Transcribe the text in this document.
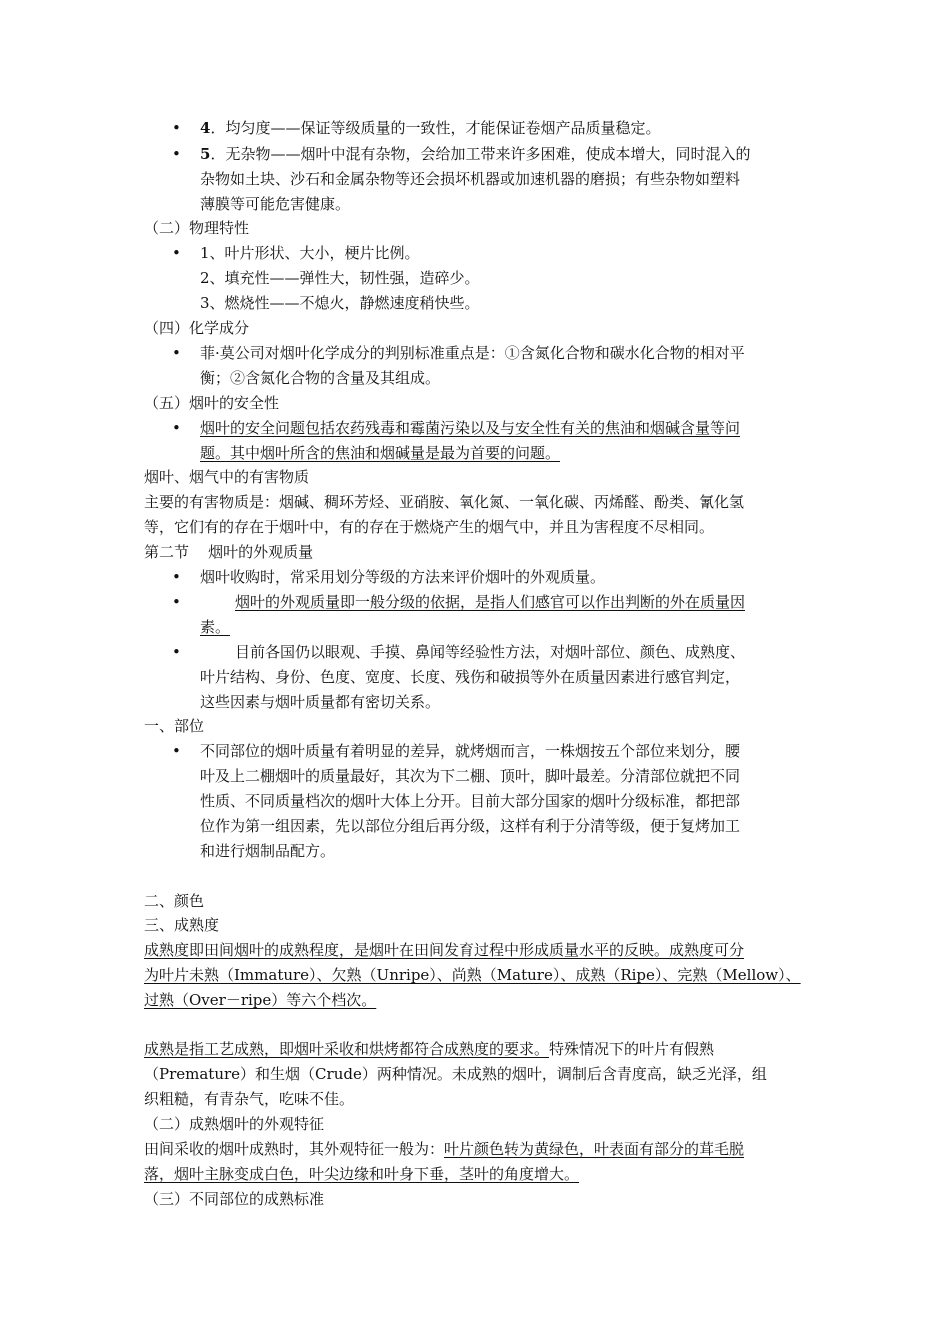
• 4．均匀度——保证等级质量的一致性，才能保证卷烟产品质量稳定。
• 5．无杂物——烟叶中混有杂物，会给加工带来许多困难，使成本增大，同时混入的
杂物如土块、沙石和金属杂物等还会损坏机器或加速机器的磨损；有些杂物如塑料
薄膜等可能危害健康。
（二）物理特性
• 1、叶片形状、大小，梗片比例。
2、填充性——弹性大，韧性强，造碎少。
3、燃烧性——不熄火，静燃速度稍快些。
（四）化学成分
• 菲·莫公司对烟叶化学成分的判别标准重点是：①含氮化合物和碳水化合物的相对平
衡；②含氮化合物的含量及其组成。
（五）烟叶的安全性
• 烟叶的安全问题包括农药残毒和霉菌污染以及与安全性有关的焦油和烟碱含量等问
题。其中烟叶所含的焦油和烟碱量是最为首要的问题。
烟叶、烟气中的有害物质
主要的有害物质是：烟碱、稠环芳烃、亚硝胺、氧化氮、一氧化碳、丙烯醛、酚类、氰化氢
等，它们有的存在于烟叶中，有的存在于燃烧产生的烟气中，并且为害程度不尽相同。
第二节    烟叶的外观质量
• 烟叶收购时，常采用划分等级的方法来评价烟叶的外观质量。
•	烟叶的外观质量即一般分级的依据，是指人们感官可以作出判断的外在质量因
素。
•	目前各国仍以眼观、手摸、鼻闻等经验性方法，对烟叶部位、颜色、成熟度、
叶片结构、身份、色度、宽度、长度、残伤和破损等外在质量因素进行感官判定，
这些因素与烟叶质量都有密切关系。
一、部位
• 不同部位的烟叶质量有着明显的差异，就烤烟而言，一株烟按五个部位来划分，腰
叶及上二棚烟叶的质量最好，其次为下二棚、顶叶，脚叶最差。分清部位就把不同
性质、不同质量档次的烟叶大体上分开。目前大部分国家的烟叶分级标准，都把部
位作为第一组因素，先以部位分组后再分级，这样有利于分清等级，便于复烤加工
和进行烟制品配方。
二、颜色
三、成熟度
成熟度即田间烟叶的成熟程度，是烟叶在田间发育过程中形成质量水平的反映。成熟度可分
为叶片未熟（Immature）、欠熟（Unripe）、尚熟（Mature）、成熟（Ripe）、完熟（Mellow）、
过熟（Over－ripe）等六个档次。
成熟是指工艺成熟，即烟叶采收和烘烤都符合成熟度的要求。特殊情况下的叶片有假熟
（Premature）和生烟（Crude）两种情况。未成熟的烟叶，调制后含青度高，缺乏光泽，组
织粗糙，有青杂气，吃味不佳。
（二）成熟烟叶的外观特征
田间采收的烟叶成熟时，其外观特征一般为：叶片颜色转为黄绿色，叶表面有部分的茸毛脱
落，烟叶主脉变成白色，叶尖边缘和叶身下垂，茎叶的角度增大。
（三）不同部位的成熟标准
